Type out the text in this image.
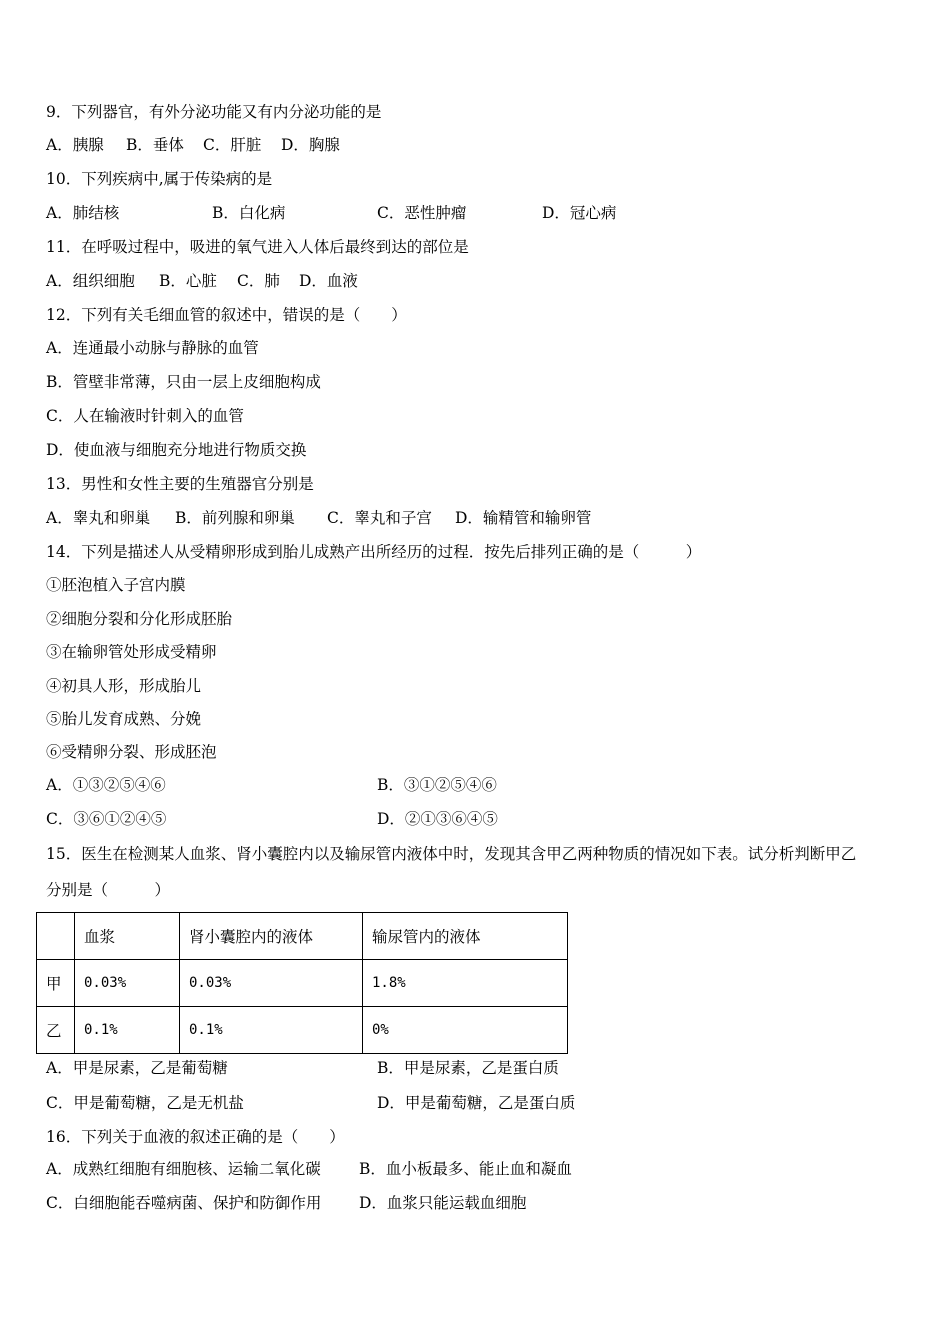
9．下列器官，有外分泌功能又有内分泌功能的是
A．胰腺 B．垂体 C．肝脏 D．胸腺
10．下列疾病中,属于传染病的是
A．肺结核	B．白化病	C．恶性肿瘤	D．冠心病
11．在呼吸过程中，吸进的氧气进入人体后最终到达的部位是
A．组织细胞 B．心脏 C．肺 D．血液
12．下列有关毛细血管的叙述中，错误的是（　　）
A．连通最小动脉与静脉的血管
B．管壁非常薄，只由一层上皮细胞构成
C．人在输液时针刺入的血管
D．使血液与细胞充分地进行物质交换
13．男性和女性主要的生殖器官分别是
A．睾丸和卵巢 B．前列腺和卵巢 C．睾丸和子宫 D．输精管和输卵管
14．下列是描述人从受精卵形成到胎儿成熟产出所经历的过程．按先后排列正确的是（　　　）
①胚泡植入子宫内膜
②细胞分裂和分化形成胚胎
③在输卵管处形成受精卵
④初具人形，形成胎儿
⑤胎儿发育成熟、分娩
⑥受精卵分裂、形成胚泡
A．①③②⑤④⑥	B．③①②⑤④⑥
C．③⑥①②④⑤	D．②①③⑥④⑤
15．医生在检测某人血浆、肾小囊腔内以及输尿管内液体中时，发现其含甲乙两种物质的情况如下表。试分析判断甲乙
分别是（　　　）
	血浆	肾小囊腔内的液体	输尿管内的液体
甲	0.03%	0.03%	1.8%
乙	0.1%	0.1%	0%
A．甲是尿素，乙是葡萄糖	B．甲是尿素，乙是蛋白质
C．甲是葡萄糖，乙是无机盐	D．甲是葡萄糖，乙是蛋白质
16．下列关于血液的叙述正确的是（　　）
A．成熟红细胞有细胞核、运输二氧化碳 B．血小板最多、能止血和凝血
C．白细胞能吞噬病菌、保护和防御作用 D．血浆只能运载血细胞
